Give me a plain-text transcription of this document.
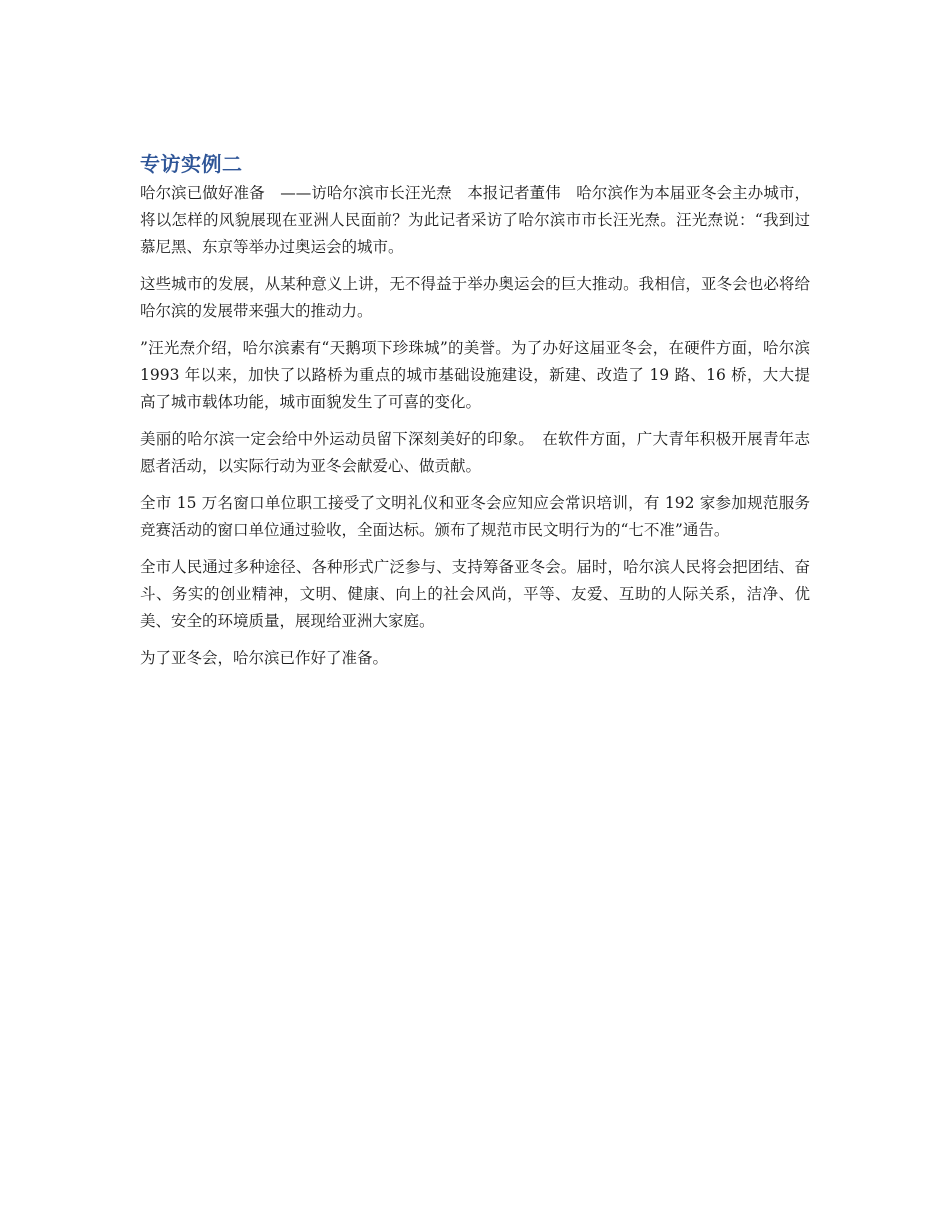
专访实例二

哈尔滨已做好准备　——访哈尔滨市长汪光焘　本报记者董伟　哈尔滨作为本届亚冬会主办城市，将以怎样的风貌展现在亚洲人民面前？为此记者采访了哈尔滨市市长汪光焘。汪光焘说：“我到过慕尼黑、东京等举办过奥运会的城市。

这些城市的发展，从某种意义上讲，无不得益于举办奥运会的巨大推动。我相信，亚冬会也必将给哈尔滨的发展带来强大的推动力。

”汪光焘介绍，哈尔滨素有“天鹅项下珍珠城”的美誉。为了办好这届亚冬会，在硬件方面，哈尔滨 1993 年以来，加快了以路桥为重点的城市基础设施建设，新建、改造了 19 路、16 桥，大大提高了城市载体功能，城市面貌发生了可喜的变化。

美丽的哈尔滨一定会给中外运动员留下深刻美好的印象。　在软件方面，广大青年积极开展青年志愿者活动，以实际行动为亚冬会献爱心、做贡献。

全市 15 万名窗口单位职工接受了文明礼仪和亚冬会应知应会常识培训，有 192 家参加规范服务竞赛活动的窗口单位通过验收，全面达标。颁布了规范市民文明行为的“七不准”通告。

全市人民通过多种途径、各种形式广泛参与、支持筹备亚冬会。届时，哈尔滨人民将会把团结、奋斗、务实的创业精神，文明、健康、向上的社会风尚，平等、友爱、互助的人际关系，洁净、优美、安全的环境质量，展现给亚洲大家庭。

为了亚冬会，哈尔滨已作好了准备。
